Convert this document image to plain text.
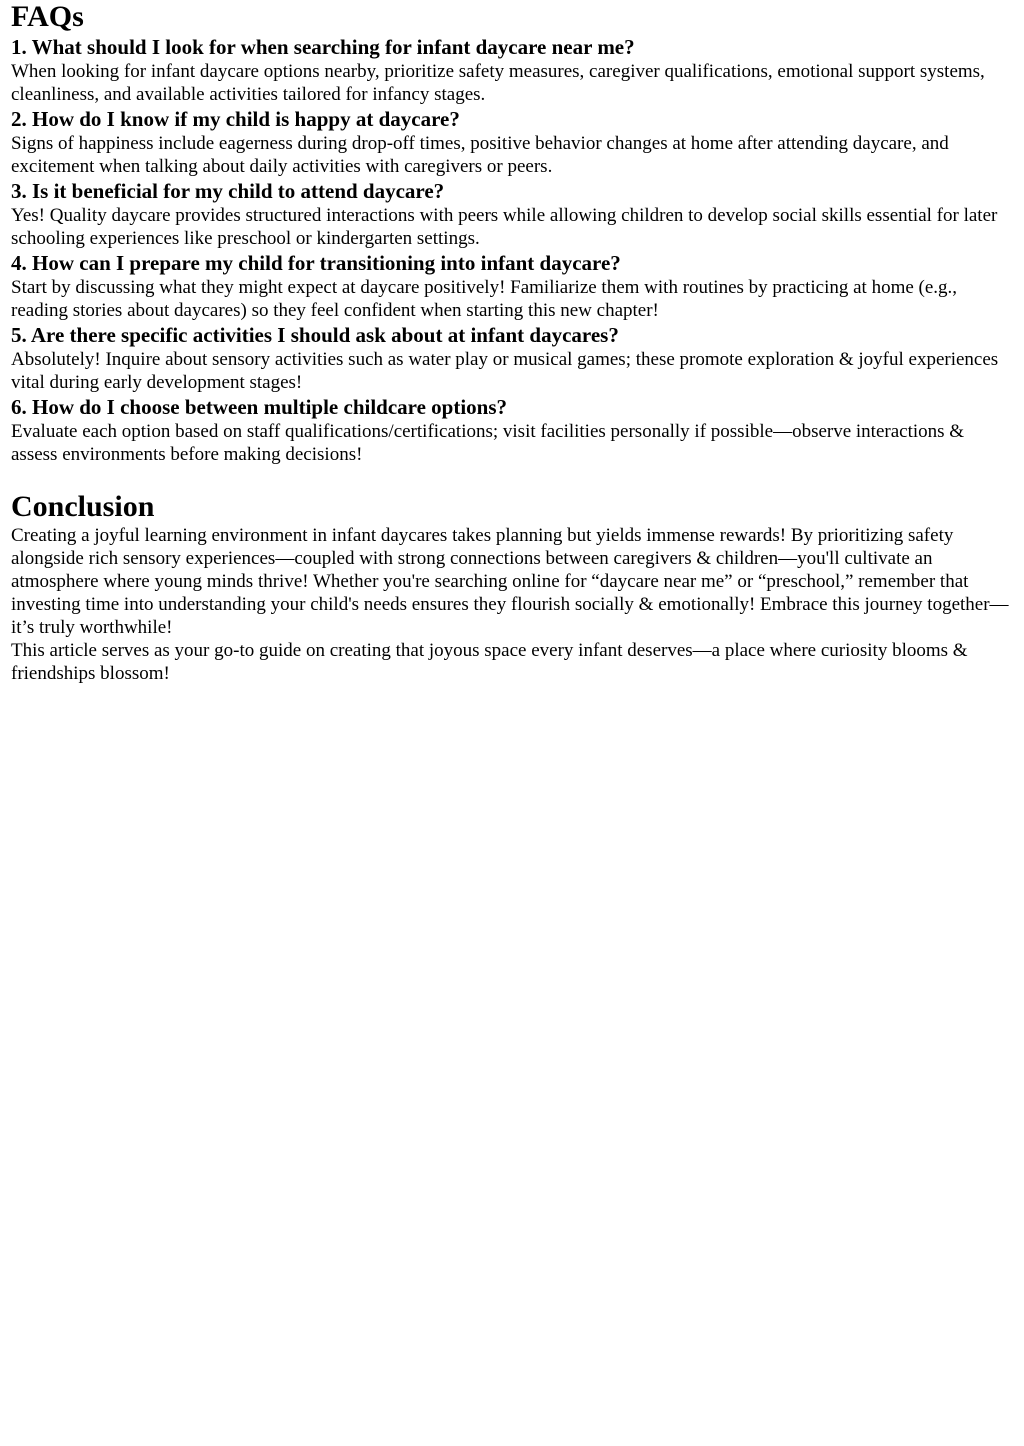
FAQs
1. What should I look for when searching for infant daycare near me?

When looking for infant daycare options nearby, prioritize safety measures, caregiver qualifications, emotional support systems, cleanliness, and available activities tailored for infancy stages.

2. How do I know if my child is happy at daycare?

Signs of happiness include eagerness during drop-off times, positive behavior changes at home after attending daycare, and excitement when talking about daily activities with caregivers or peers.

3. Is it beneficial for my child to attend daycare?

Yes! Quality daycare provides structured interactions with peers while allowing children to develop social skills essential for later schooling experiences like preschool or kindergarten settings.

4. How can I prepare my child for transitioning into infant daycare?

Start by discussing what they might expect at daycare positively! Familiarize them with routines by practicing at home (e.g., reading stories about daycares) so they feel confident when starting this new chapter!

5. Are there specific activities I should ask about at infant daycares?

Absolutely! Inquire about sensory activities such as water play or musical games; these promote exploration & joyful experiences vital during early development stages!

6. How do I choose between multiple childcare options?

Evaluate each option based on staff qualifications/certifications; visit facilities personally if possible—observe interactions & assess environments before making decisions!

Conclusion

Creating a joyful learning environment in infant daycares takes planning but yields immense rewards! By prioritizing safety alongside rich sensory experiences—coupled with strong connections between caregivers & children—you'll cultivate an atmosphere where young minds thrive! Whether you're searching online for “daycare near me” or “preschool,” remember that investing time into understanding your child's needs ensures they flourish socially & emotionally! Embrace this journey together—it’s truly worthwhile!

This article serves as your go-to guide on creating that joyous space every infant deserves—a place where curiosity blooms & friendships blossom!
